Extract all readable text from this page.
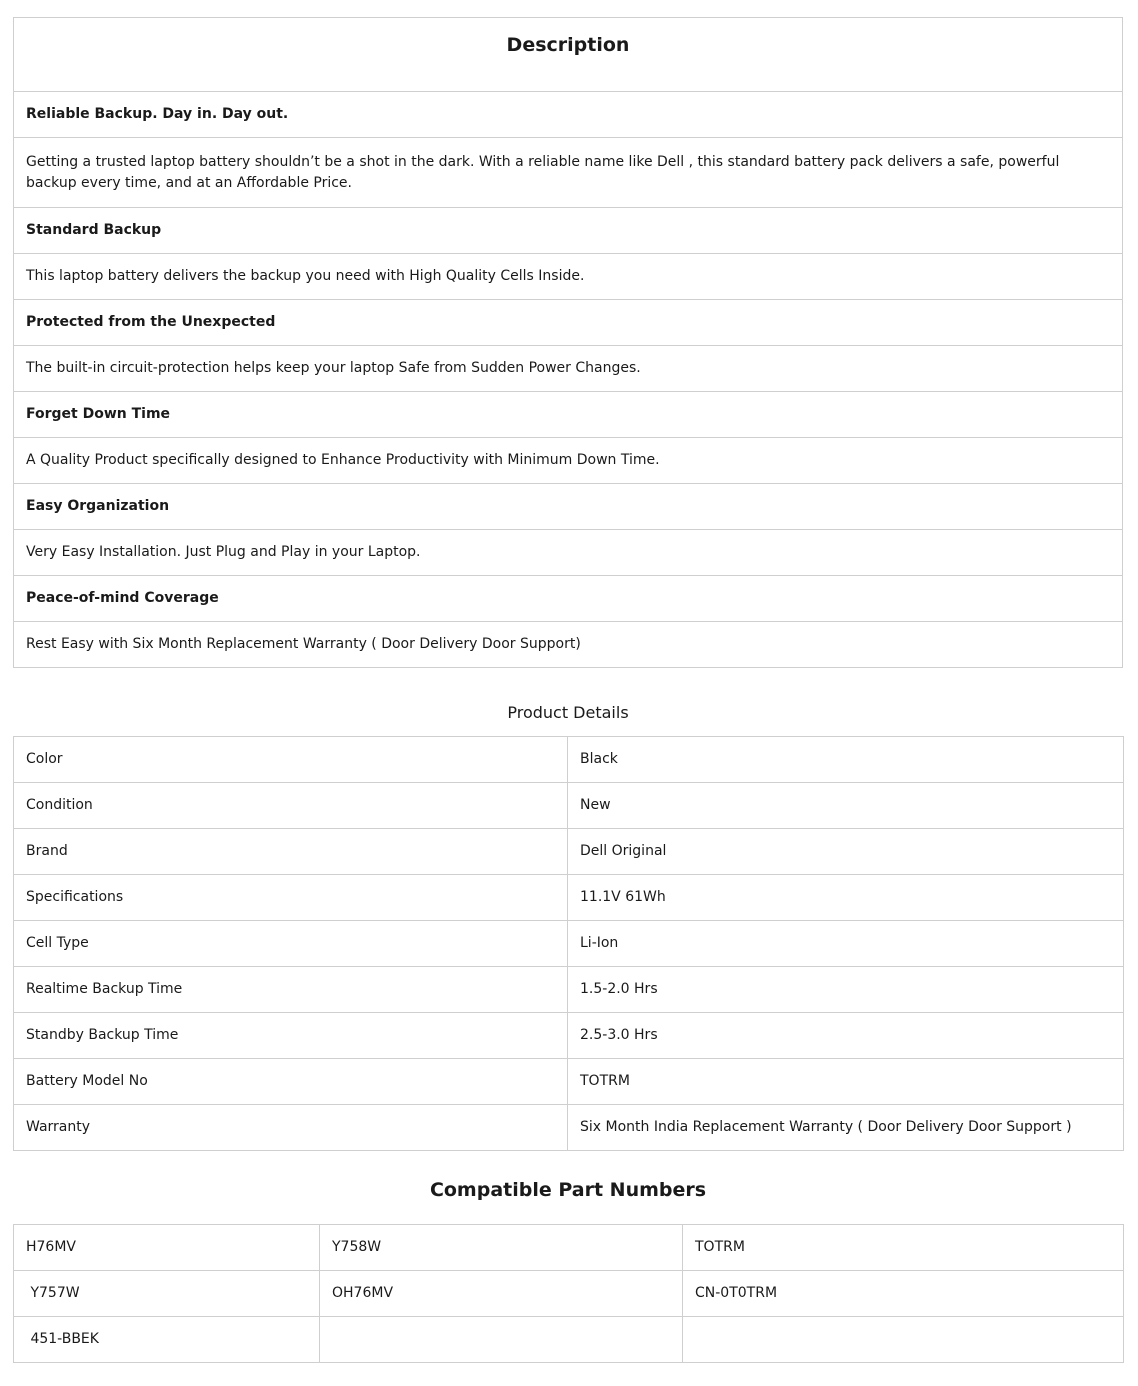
Description
Reliable Backup. Day in. Day out.
Getting a trusted laptop battery shouldn’t be a shot in the dark. With a reliable name like Dell , this standard battery pack delivers a safe, powerful backup every time, and at an Affordable Price.
Standard Backup
This laptop battery delivers the backup you need with High Quality Cells Inside.
Protected from the Unexpected
The built-in circuit-protection helps keep your laptop Safe from Sudden Power Changes.
Forget Down Time
A Quality Product specifically designed to Enhance Productivity with Minimum Down Time.
Easy Organization
Very Easy Installation. Just Plug and Play in your Laptop.
Peace-of-mind Coverage
Rest Easy with Six Month Replacement Warranty ( Door Delivery Door Support)
Product Details
Color	Black
Condition	New
Brand	Dell Original
Specifications	11.1V 61Wh
Cell Type	Li-Ion
Realtime Backup Time	1.5-2.0 Hrs
Standby Backup Time	2.5-3.0 Hrs
Battery Model No	TOTRM
Warranty	Six Month India Replacement Warranty ( Door Delivery Door Support )
Compatible Part Numbers
H76MV	Y758W	TOTRM
Y757W	OH76MV	CN-0T0TRM
451-BBEK		
